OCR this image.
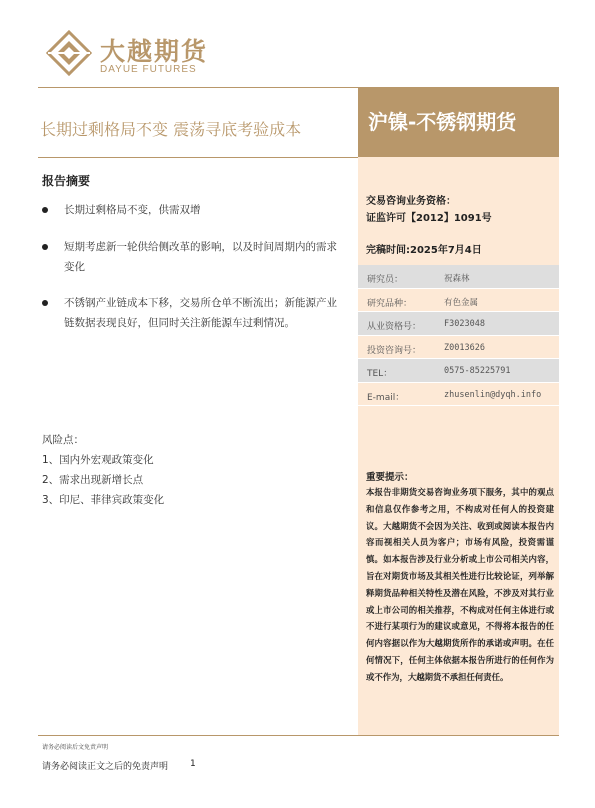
大越期货
DAYUE FUTURES
长期过剩格局不变 震荡寻底考验成本	沪镍-不锈钢期货
报告摘要
长期过剩格局不变，供需双增
短期考虑新一轮供给侧改革的影响，以及时间周期内的需求变化
不锈钢产业链成本下移，交易所仓单不断流出；新能源产业链数据表现良好，但同时关注新能源车过剩情况。
风险点：
1、国内外宏观政策变化
2、需求出现新增长点
3、印尼、菲律宾政策变化
交易咨询业务资格：
证监许可【2012】1091号
完稿时间:2025年7月4日
研究员：	祝森林
研究品种：	有色金属
从业资格号：	F3023048
投资咨询号：	Z0013626
TEL：	0575-85225791
E-mail：	zhusenlin@dyqh.info
重要提示：
本报告非期货交易咨询业务项下服务，其中的观点和信息仅作参考之用，不构成对任何人的投资建议。大越期货不会因为关注、收到或阅读本报告内容而视相关人员为客户；市场有风险，投资需谨慎。如本报告涉及行业分析或上市公司相关内容，旨在对期货市场及其相关性进行比较论证，列举解释期货品种相关特性及潜在风险，不涉及对其行业或上市公司的相关推荐，不构成对任何主体进行或不进行某项行为的建议或意见，不得将本报告的任何内容据以作为大越期货所作的承诺或声明。在任何情况下，任何主体依据本报告所进行的任何作为或不作为，大越期货不承担任何责任。
请务必阅读后文免责声明
请务必阅读正文之后的免责声明 1
